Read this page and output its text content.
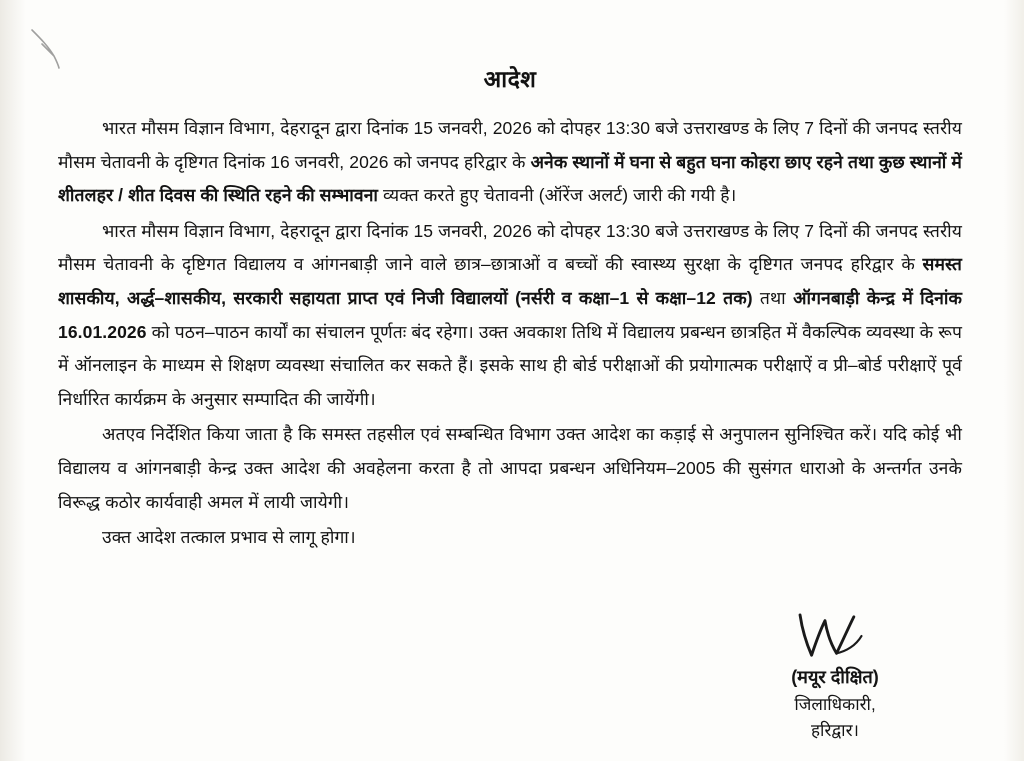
आदेश

भारत मौसम विज्ञान विभाग, देहरादून द्वारा दिनांक 15 जनवरी, 2026 को दोपहर 13:30 बजे उत्तराखण्ड के लिए 7 दिनों की जनपद स्तरीय मौसम चेतावनी के दृष्टिगत दिनांक 16 जनवरी, 2026 को जनपद हरिद्वार के अनेक स्थानों में घना से बहुत घना कोहरा छाए रहने तथा कुछ स्थानों में शीतलहर / शीत दिवस की स्थिति रहने की सम्भावना व्यक्त करते हुए चेतावनी (ऑरेंज अलर्ट) जारी की गयी है।

भारत मौसम विज्ञान विभाग, देहरादून द्वारा दिनांक 15 जनवरी, 2026 को दोपहर 13:30 बजे उत्तराखण्ड के लिए 7 दिनों की जनपद स्तरीय मौसम चेतावनी के दृष्टिगत विद्यालय व आंगनबाड़ी जाने वाले छात्र–छात्राओं व बच्चों की स्वास्थ्य सुरक्षा के दृष्टिगत जनपद हरिद्वार के समस्त शासकीय, अर्द्ध–शासकीय, सरकारी सहायता प्राप्त एवं निजी विद्यालयों (नर्सरी व कक्षा–1 से कक्षा–12 तक) तथा ऑगनबाड़ी केन्द्र में दिनांक 16.01.2026 को पठन–पाठन कार्यों का संचालन पूर्णतः बंद रहेगा। उक्त अवकाश तिथि में विद्यालय प्रबन्धन छात्रहित में वैकल्पिक व्यवस्था के रूप में ऑनलाइन के माध्यम से शिक्षण व्यवस्था संचालित कर सकते हैं। इसके साथ ही बोर्ड परीक्षाओं की प्रयोगात्मक परीक्षाऐं व प्री–बोर्ड परीक्षाऐं पूर्व निर्धारित कार्यक्रम के अनुसार सम्पादित की जायेंगी।

अतएव निर्देशित किया जाता है कि समस्त तहसील एवं सम्बन्धित विभाग उक्त आदेश का कड़ाई से अनुपालन सुनिश्चित करें। यदि कोई भी विद्यालय व आंगनबाड़ी केन्द्र उक्त आदेश की अवहेलना करता है तो आपदा प्रबन्धन अधिनियम–2005 की सुसंगत धाराओ के अन्तर्गत उनके विरूद्ध कठोर कार्यवाही अमल में लायी जायेगी।

उक्त आदेश तत्काल प्रभाव से लागू होगा।

(मयूर दीक्षित)
जिलाधिकारी,
हरिद्वार।
